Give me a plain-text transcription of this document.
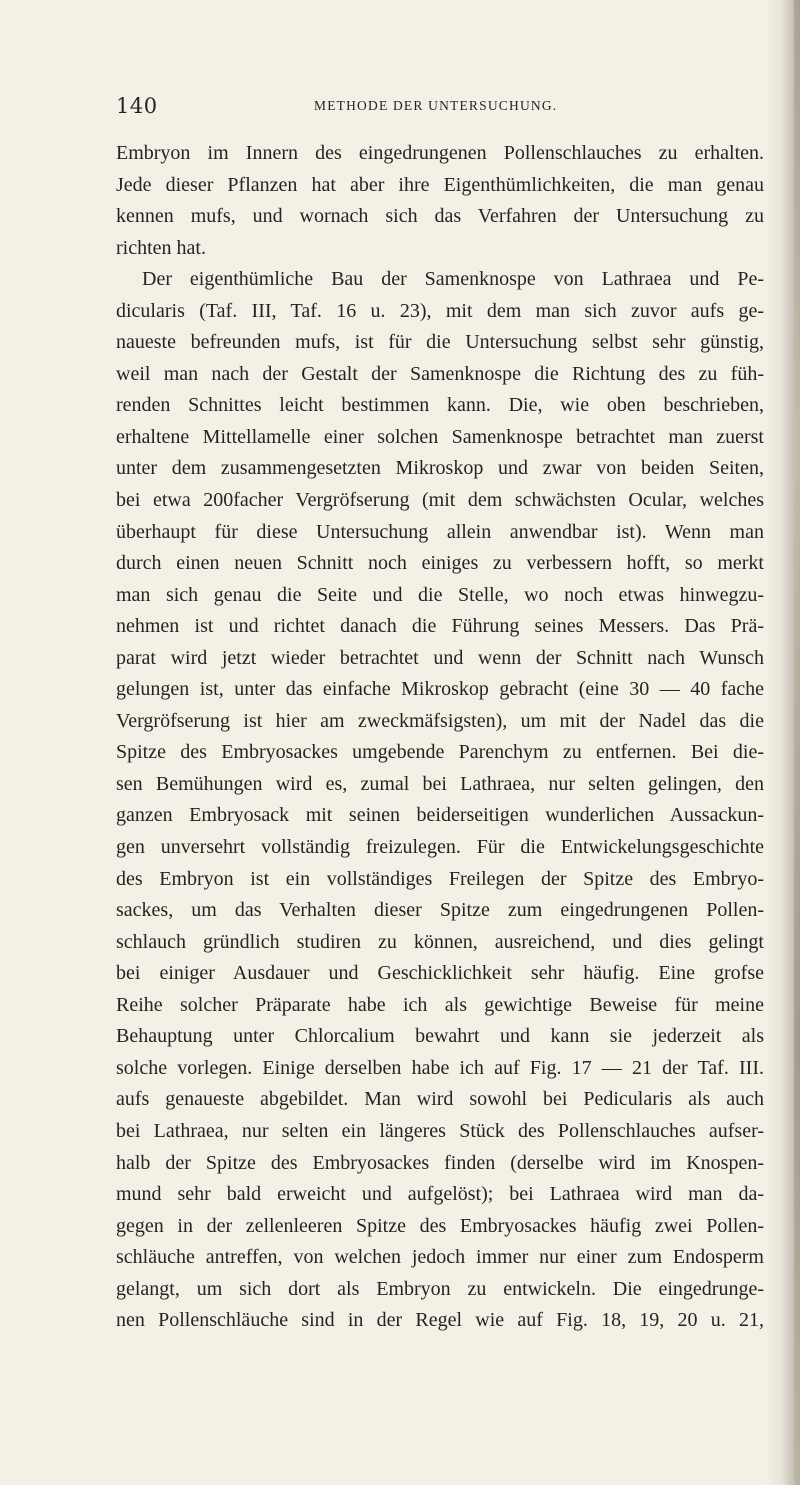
140	METHODE DER UNTERSUCHUNG.
Embryon im Innern des eingedrungenen Pollenschlauches zu erhalten.
Jede dieser Pflanzen hat aber ihre Eigenthümlichkeiten, die man genau
kennen mufs, und wornach sich das Verfahren der Untersuchung zu
richten hat.
Der eigenthümliche Bau der Samenknospe von Lathraea und Pe-
dicularis (Taf. III, Taf. 16 u. 23), mit dem man sich zuvor aufs ge-
naueste befreunden mufs, ist für die Untersuchung selbst sehr günstig,
weil man nach der Gestalt der Samenknospe die Richtung des zu füh-
renden Schnittes leicht bestimmen kann. Die, wie oben beschrieben,
erhaltene Mittellamelle einer solchen Samenknospe betrachtet man zuerst
unter dem zusammengesetzten Mikroskop und zwar von beiden Seiten,
bei etwa 200facher Vergröfserung (mit dem schwächsten Ocular, welches
überhaupt für diese Untersuchung allein anwendbar ist). Wenn man
durch einen neuen Schnitt noch einiges zu verbessern hofft, so merkt
man sich genau die Seite und die Stelle, wo noch etwas hinwegzu-
nehmen ist und richtet danach die Führung seines Messers. Das Prä-
parat wird jetzt wieder betrachtet und wenn der Schnitt nach Wunsch
gelungen ist, unter das einfache Mikroskop gebracht (eine 30 — 40 fache
Vergröfserung ist hier am zweckmäfsigsten), um mit der Nadel das die
Spitze des Embryosackes umgebende Parenchym zu entfernen. Bei die-
sen Bemühungen wird es, zumal bei Lathraea, nur selten gelingen, den
ganzen Embryosack mit seinen beiderseitigen wunderlichen Aussackun-
gen unversehrt vollständig freizulegen. Für die Entwickelungsgeschichte
des Embryon ist ein vollständiges Freilegen der Spitze des Embryo-
sackes, um das Verhalten dieser Spitze zum eingedrungenen Pollen-
schlauch gründlich studiren zu können, ausreichend, und dies gelingt
bei einiger Ausdauer und Geschicklichkeit sehr häufig. Eine grofse
Reihe solcher Präparate habe ich als gewichtige Beweise für meine
Behauptung unter Chlorcalium bewahrt und kann sie jederzeit als
solche vorlegen. Einige derselben habe ich auf Fig. 17 — 21 der Taf. III.
aufs genaueste abgebildet. Man wird sowohl bei Pedicularis als auch
bei Lathraea, nur selten ein längeres Stück des Pollenschlauches aufser-
halb der Spitze des Embryosackes finden (derselbe wird im Knospen-
mund sehr bald erweicht und aufgelöst); bei Lathraea wird man da-
gegen in der zellenleeren Spitze des Embryosackes häufig zwei Pollen-
schläuche antreffen, von welchen jedoch immer nur einer zum Endosperm
gelangt, um sich dort als Embryon zu entwickeln. Die eingedrunge-
nen Pollenschläuche sind in der Regel wie auf Fig. 18, 19, 20 u. 21,
